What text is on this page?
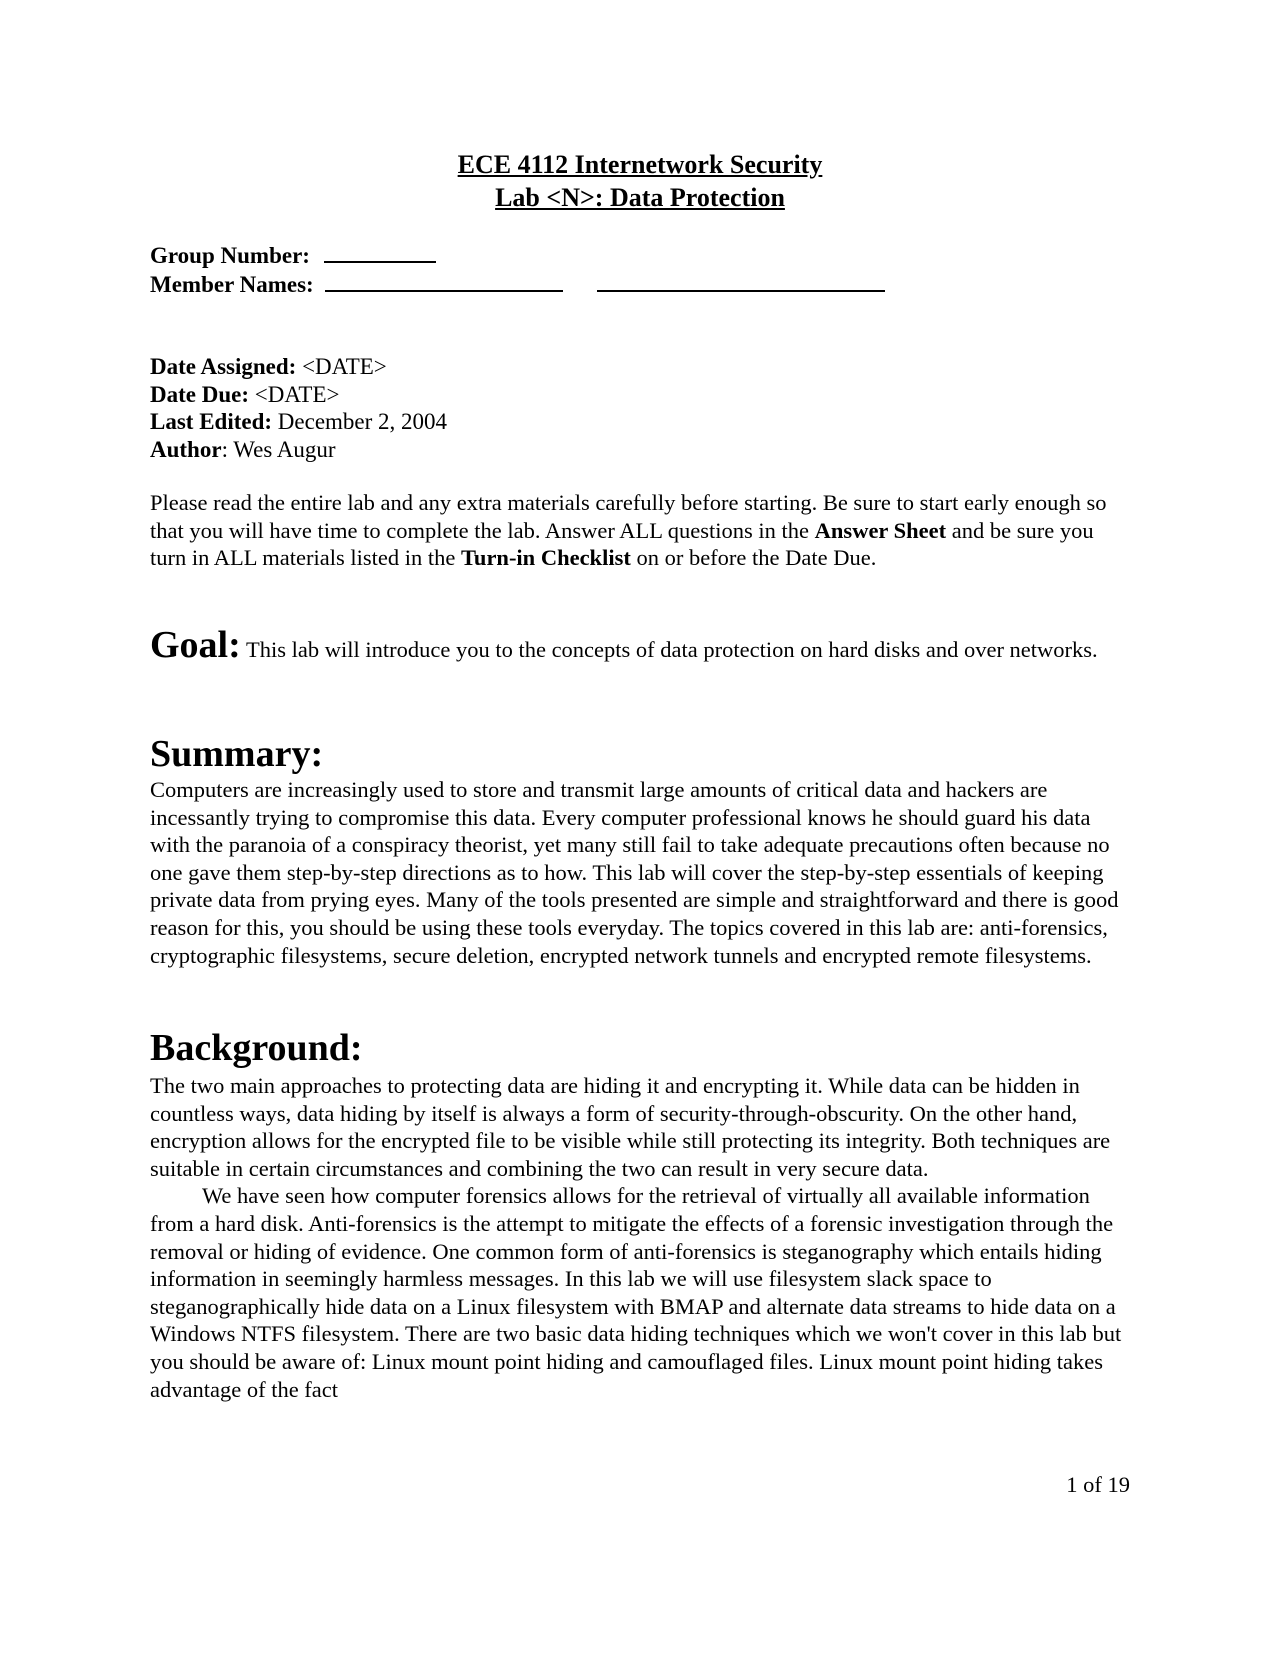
ECE 4112 Internetwork Security
Lab <N>: Data Protection
Group Number:
Member Names:
Date Assigned: <DATE>
Date Due: <DATE>
Last Edited: December 2, 2004
Author: Wes Augur

Please read the entire lab and any extra materials carefully before starting. Be sure to start early enough so that you will have time to complete the lab. Answer ALL questions in the Answer Sheet and be sure you turn in ALL materials listed in the Turn-in Checklist on or before the Date Due.

Goal: This lab will introduce you to the concepts of data protection on hard disks and over networks.

Summary:

Computers are increasingly used to store and transmit large amounts of critical data and hackers are incessantly trying to compromise this data. Every computer professional knows he should guard his data with the paranoia of a conspiracy theorist, yet many still fail to take adequate precautions often because no one gave them step-by-step directions as to how. This lab will cover the step-by-step essentials of keeping private data from prying eyes. Many of the tools presented are simple and straightforward and there is good reason for this, you should be using these tools everyday. The topics covered in this lab are: anti-forensics, cryptographic filesystems, secure deletion, encrypted network tunnels and encrypted remote filesystems.

Background:

The two main approaches to protecting data are hiding it and encrypting it. While data can be hidden in countless ways, data hiding by itself is always a form of security-through-obscurity. On the other hand, encryption allows for the encrypted file to be visible while still protecting its integrity. Both techniques are suitable in certain circumstances and combining the two can result in very secure data.

We have seen how computer forensics allows for the retrieval of virtually all available information from a hard disk. Anti-forensics is the attempt to mitigate the effects of a forensic investigation through the removal or hiding of evidence. One common form of anti-forensics is steganography which entails hiding information in seemingly harmless messages. In this lab we will use filesystem slack space to steganographically hide data on a Linux filesystem with BMAP and alternate data streams to hide data on a Windows NTFS filesystem. There are two basic data hiding techniques which we won't cover in this lab but you should be aware of: Linux mount point hiding and camouflaged files. Linux mount point hiding takes advantage of the fact

1 of 19
